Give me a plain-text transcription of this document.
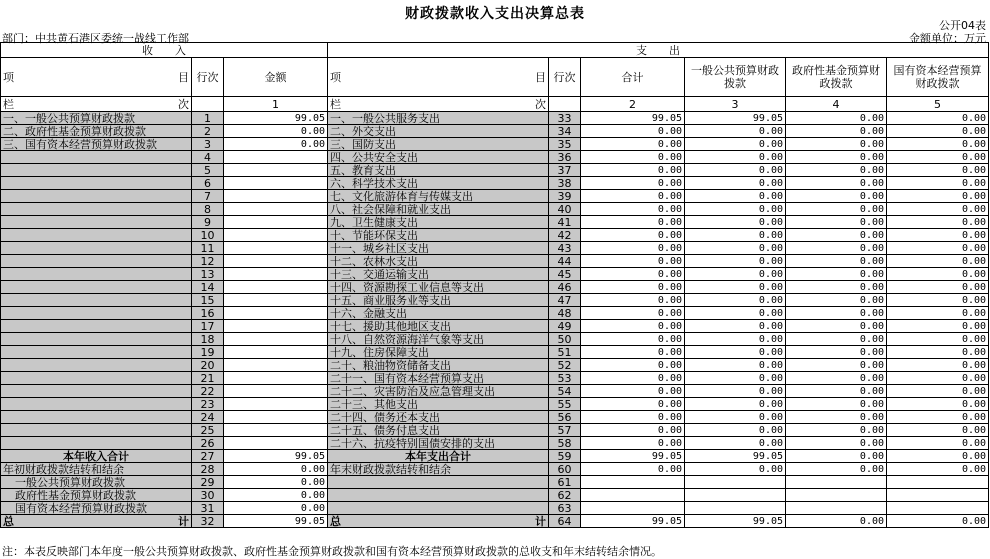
财政拨款收入支出决算总表
公开04表
部门：中共黄石港区委统一战线工作部	金额单位：万元
收　　入			支　　出					

项 目	行次	金额	项 目	行次	合计	一般公共预算财政拨款	政府性基金预算财政拨款	国有资本经营预算财政拨款

栏 次		1	栏 次		2	3	4	5
一、一般公共预算财政拨款	1	99.05	一、一般公共服务支出	33	99.05	99.05	0.00	0.00
二、政府性基金预算财政拨款	2	0.00	二、外交支出	34	0.00	0.00	0.00	0.00
三、国有资本经营预算财政拨款	3	0.00	三、国防支出	35	0.00	0.00	0.00	0.00
	4		四、公共安全支出	36	0.00	0.00	0.00	0.00
	5		五、教育支出	37	0.00	0.00	0.00	0.00
	6		六、科学技术支出	38	0.00	0.00	0.00	0.00
	7		七、文化旅游体育与传媒支出	39	0.00	0.00	0.00	0.00
	8		八、社会保障和就业支出	40	0.00	0.00	0.00	0.00
	9		九、卫生健康支出	41	0.00	0.00	0.00	0.00
	10		十、节能环保支出	42	0.00	0.00	0.00	0.00
	11		十一、城乡社区支出	43	0.00	0.00	0.00	0.00
	12		十二、农林水支出	44	0.00	0.00	0.00	0.00
	13		十三、交通运输支出	45	0.00	0.00	0.00	0.00
	14		十四、资源勘探工业信息等支出	46	0.00	0.00	0.00	0.00
	15		十五、商业服务业等支出	47	0.00	0.00	0.00	0.00
	16		十六、金融支出	48	0.00	0.00	0.00	0.00
	17		十七、援助其他地区支出	49	0.00	0.00	0.00	0.00
	18		十八、自然资源海洋气象等支出	50	0.00	0.00	0.00	0.00
	19		十九、住房保障支出	51	0.00	0.00	0.00	0.00
	20		二十、粮油物资储备支出	52	0.00	0.00	0.00	0.00
	21		二十一、国有资本经营预算支出	53	0.00	0.00	0.00	0.00
	22		二十二、灾害防治及应急管理支出	54	0.00	0.00	0.00	0.00
	23		二十三、其他支出	55	0.00	0.00	0.00	0.00
	24		二十四、债务还本支出	56	0.00	0.00	0.00	0.00
	25		二十五、债务付息支出	57	0.00	0.00	0.00	0.00
	26		二十六、抗疫特别国债安排的支出	58	0.00	0.00	0.00	0.00
本年收入合计	27	99.05	本年支出合计	59	99.05	99.05	0.00	0.00
年初财政拨款结转和结余	28	0.00	年末财政拨款结转和结余	60	0.00	0.00	0.00	0.00
一般公共预算财政拨款	29	0.00		61				
政府性基金预算财政拨款	30	0.00		62				
国有资本经营预算财政拨款	31	0.00		63				

总 计	32	99.05	总 计	64	99.05	99.05	0.00	0.00
注：本表反映部门本年度一般公共预算财政拨款、政府性基金预算财政拨款和国有资本经营预算财政拨款的总收支和年末结转结余情况。
